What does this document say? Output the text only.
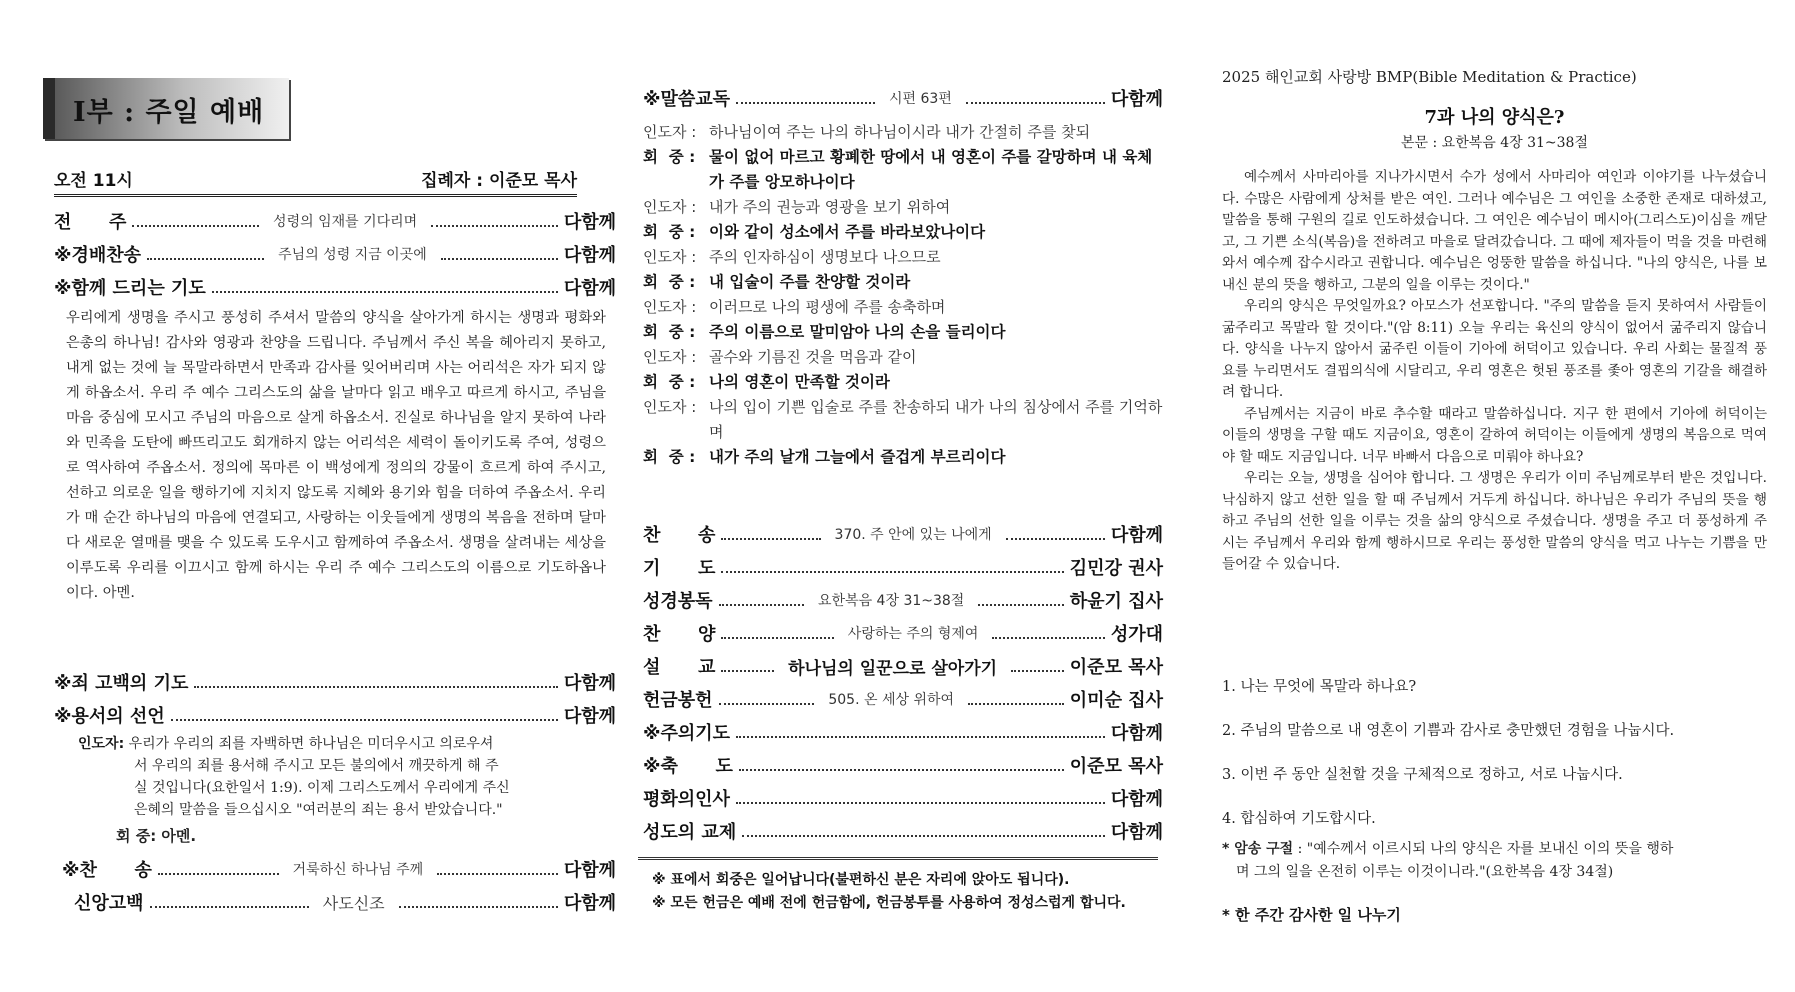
I부 : 주일 예배
오전 11시	집례자 : 이준모 목사
전      주	성령의 임재를 기다리며	다함께
※경배찬송	주님의 성령 지금 이곳에	다함께
※함께 드리는 기도	다함께
우리에게 생명을 주시고 풍성히 주셔서 말씀의 양식을 살아가게 하시는 생명과 평화와 은총의 하나님! 감사와 영광과 찬양을 드립니다. 주님께서 주신 복을 헤아리지 못하고, 내게 없는 것에 늘 목말라하면서 만족과 감사를 잊어버리며 사는 어리석은 자가 되지 않게 하옵소서. 우리 주 예수 그리스도의 삶을 날마다 읽고 배우고 따르게 하시고, 주님을 마음 중심에 모시고 주님의 마음으로 살게 하옵소서. 진실로 하나님을 알지 못하여 나라와 민족을 도탄에 빠뜨리고도 회개하지 않는 어리석은 세력이 돌이키도록 주여, 성령으로 역사하여 주옵소서. 정의에 목마른 이 백성에게 정의의 강물이 흐르게 하여 주시고, 선하고 의로운 일을 행하기에 지치지 않도록 지혜와 용기와 힘을 더하여 주옵소서. 우리가 매 순간 하나님의 마음에 연결되고, 사랑하는 이웃들에게 생명의 복음을 전하며 달마다 새로운 열매를 맺을 수 있도록 도우시고 함께하여 주옵소서. 생명을 살려내는 세상을 이루도록 우리를 이끄시고 함께 하시는 우리 주 예수 그리스도의 이름으로 기도하옵나이다. 아멘.
※죄 고백의 기도	다함께
※용서의 선언	다함께
인도자: 우리가 우리의 죄를 자백하면 하나님은 미더우시고 의로우셔
서 우리의 죄를 용서해 주시고 모든 불의에서 깨끗하게 해 주
실 것입니다(요한일서 1:9). 이제 그리스도께서 우리에게 주신
은혜의 말씀을 들으십시오 "여러분의 죄는 용서 받았습니다."
회 중: 아멘.
※찬      송	거룩하신 하나님 주께	다함께
신앙고백	사도신조	다함께
※말씀교독	시편 63편	다함께
인도자 : 하나님이여 주는 나의 하나님이시라 내가 간절히 주를 찾되
회  중 : 물이 없어 마르고 황폐한 땅에서 내 영혼이 주를 갈망하며 내 육체가 주를 앙모하나이다
인도자 : 내가 주의 권능과 영광을 보기 위하여
회  중 : 이와 같이 성소에서 주를 바라보았나이다
인도자 : 주의 인자하심이 생명보다 나으므로
회  중 : 내 입술이 주를 찬양할 것이라
인도자 : 이러므로 나의 평생에 주를 송축하며
회  중 : 주의 이름으로 말미암아 나의 손을 들리이다
인도자 : 골수와 기름진 것을 먹음과 같이
회  중 : 나의 영혼이 만족할 것이라
인도자 : 나의 입이 기쁜 입술로 주를 찬송하되 내가 나의 침상에서 주를 기억하며
회  중 : 내가 주의 날개 그늘에서 즐겁게 부르리이다
찬      송	370. 주 안에 있는 나에게	다함께
기      도	김민강 권사
성경봉독	요한복음 4장 31~38절	하윤기 집사
찬      양	사랑하는 주의 형제여	성가대
설      교	하나님의 일꾼으로 살아가기	이준모 목사
헌금봉헌	505. 온 세상 위하여	이미순 집사
※주의기도	다함께
※축      도	이준모 목사
평화의인사	다함께
성도의 교제	다함께
※ 표에서 회중은 일어납니다(불편하신 분은 자리에 앉아도 됩니다).
※ 모든 헌금은 예배 전에 헌금함에, 헌금봉투를 사용하여 정성스럽게 합니다.
2025 해인교회 사랑방 BMP(Bible Meditation & Practice)
7과 나의 양식은?
본문 : 요한복음 4장 31~38절

예수께서 사마리아를 지나가시면서 수가 성에서 사마리아 여인과 이야기를 나누셨습니다. 수많은 사람에게 상처를 받은 여인. 그러나 예수님은 그 여인을 소중한 존재로 대하셨고, 말씀을 통해 구원의 길로 인도하셨습니다. 그 여인은 예수님이 메시아(그리스도)이심을 깨닫고, 그 기쁜 소식(복음)을 전하려고 마을로 달려갔습니다. 그 때에 제자들이 먹을 것을 마련해 와서 예수께 잡수시라고 권합니다. 예수님은 엉뚱한 말씀을 하십니다. "나의 양식은, 나를 보내신 분의 뜻을 행하고, 그분의 일을 이루는 것이다."

우리의 양식은 무엇일까요? 아모스가 선포합니다. "주의 말씀을 듣지 못하여서 사람들이 굶주리고 목말라 할 것이다."(암 8:11) 오늘 우리는 육신의 양식이 없어서 굶주리지 않습니다. 양식을 나누지 않아서 굶주린 이들이 기아에 허덕이고 있습니다. 우리 사회는 물질적 풍요를 누리면서도 결핍의식에 시달리고, 우리 영혼은 헛된 풍조를 좇아 영혼의 기갈을 해결하려 합니다.

주님께서는 지금이 바로 추수할 때라고 말씀하십니다. 지구 한 편에서 기아에 허덕이는 이들의 생명을 구할 때도 지금이요, 영혼이 갈하여 허덕이는 이들에게 생명의 복음으로 먹여야 할 때도 지금입니다. 너무 바빠서 다음으로 미뤄야 하나요?

우리는 오늘, 생명을 심어야 합니다. 그 생명은 우리가 이미 주님께로부터 받은 것입니다. 낙심하지 않고 선한 일을 할 때 주님께서 거두게 하십니다. 하나님은 우리가 주님의 뜻을 행하고 주님의 선한 일을 이루는 것을 삶의 양식으로 주셨습니다. 생명을 주고 더 풍성하게 주시는 주님께서 우리와 함께 행하시므로 우리는 풍성한 말씀의 양식을 먹고 나누는 기쁨을 만들어갈 수 있습니다.

1. 나는 무엇에 목말라 하나요?
2. 주님의 말씀으로 내 영혼이 기쁨과 감사로 충만했던 경험을 나눕시다.
3. 이번 주 동안 실천할 것을 구체적으로 정하고, 서로 나눕시다.
4. 합심하여 기도합시다.
* 암송 구절 : "예수께서 이르시되 나의 양식은 자를 보내신 이의 뜻을 행하
며 그의 일을 온전히 이루는 이것이니라."(요한복음 4장 34절)
* 한 주간 감사한 일 나누기
